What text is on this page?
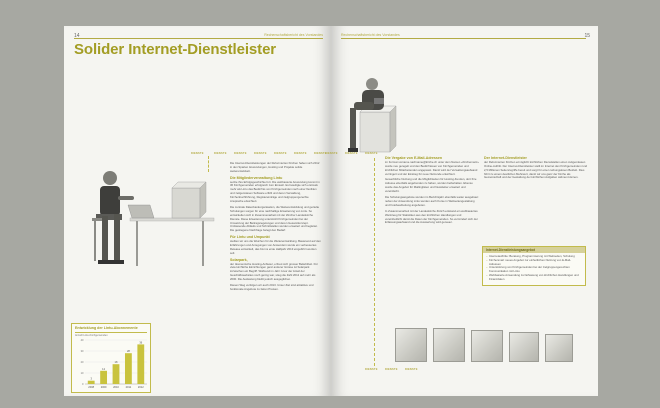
14	Rechenschaftsbericht des Vorstandes
Solider Internet-Dienstleister
DIENSTE	DIENSTE	DIENSTE	DIENSTE	DIENSTE	DIENSTE	DIENSTE

Die Internet-Dienstleistungen der Reformierten Kirchen haben sich 2012 in den Sparten Anwendungen, Hosting und Projekte solide weiterentwickelt.

Die Mitgliederverwaltung Lintu

setzte ihre Erfolgsgeschichte fort. Die webbasierte Anwendung kommt in 36 Kirchgemeinden erfolgreich zum Einsatz. Es beteiligte sich erstmals mehr als Lintu das Bedürfnis von Kirchgemeinden nach einer flexiblen und zeitgemässen Software erfüllt und deren Verwaltung, Kirchenbuchführung, Registereinträge und zielgruppengerechte Ansprache erleichtert.

Die zentrale Datenbankorganisation, die Weiterentwicklung und gezielte Schulungen sorgen für eine nachhaltige Erweiterung von Lintu. So entwickelten sich in Zusammenarbeit mit der Zürcher Landeskirche Dienste. Diese Erweiterung unterstützt Kirchgemeinden bei der Umsetzung der Beitragsregelungen und deren Gesamtkonzept. Umfassende Abläufe und Schnittstellen wurden erweitert und begleitet. Die gestiegene Nachfrage belegt den Bedarf.

Für Lintu und Umpunkt

stellten wir uns die Weichen für die Weiterentwicklung. Basierend auf den Erfahrungen und Anregungen von Anwendern wurde ein verbessertes Release entwickelt, das bis ins erste Halbjahr 2013 eingeführt werden soll.

Solarpark,

der ökumenische Hosting-Anbieter, erfreut sich grosser Beliebtheit. Für viele kirchliche Einrichtungen ganz anderer Grösse ist Solarpark inzwischen ein Begriff. Während im Jahr zuvor der Anteil der Geschäftswebsites noch gering war, stieg die Zahl 2012 auf mehr als 2000. Die Auslastung bleibt jedoch ausgeglichen.

Diesen Weg verfolgen wir auch 2013. Unser Ziel sind attraktive und funktionale Angebote zu fairen Preisen.

Entwicklung der Lintu-Abonnemente
Anzahl Lintu-Kirchgemeinden
0
10
20
30
40
3
2008
12
2009
18
2010
28
2011
36
2012
Rechenschaftsbericht des Vorstandes	15
DIENSTE	DIENSTE	DIENSTE
DIENSTE	DIENSTE	DIENSTE
Die Vergabe von E-Mail-Adressen

im Format vorname.nachname@kirche.ch unter dem Namen «Kirchennetz» wurde neu geregelt und den Bedürfnissen von Kirchgemeinden und kirchlichen Mitarbeitenden angepasst. Damit wird der Verwaltungsaufwand verringert und der Einstieg für neue Nutzende erleichtert.

Gewerbliche Nutzung und die Möglichkeiten für Hosting-Kunden, dort Ihre Adresse ebenfalls angebunden zu haben, wurden beibehalten. Ebenso wurde das Angebot für Mailinglisten und Newsletter erweitert und vereinfacht.

Die Schulungsangebote wurden im Berichtsjahr ebenfalls weiter ausgebaut: neben der Anwendung Lintu wurden auch Kurse in Webseitengestaltung und Fotobearbeitung angeboten.

In Zusammenarbeit mit der Landeskirche Zürich entstand ein webbasiertes Werkzeug für Statistiken aus den kirchlichen Handlungen und vereinheitlicht damit die Daten der Kirchgemeinden. So vermindert sich der Erfassungsaufwand und die Auswertung wird genauer.

Der Internet-Dienstleister

der Reformierten Kirchen ermöglicht kirchlichen Dienststellen einen zeitgemässen Online-Auftritt. Der Internet-Dienstleister stellt im Internet den Kirchgemeinden rund 2,5 Millionen Seitenzugriffe bereit und sorgt für einen reibungslosen Betrieb. Dies führt zu einem deutlichen Mehrwert, damit wir uns ganz der Kirche als Gemeinschaft und der Gestaltung der kirchlichen Aufgaben widmen können.

Internet-Dienstleistungsangebot
– Internetauftritte: Beratung, Programmierung mit Webseiten, Schulung
– Kirchenmail: neues Angebot zur einheitlichen Nutzung von E-Mail-Adressen
– Unterstützung von Kirchgemeinden bei der zielgruppengerechten Kommunikation mit Lintu
– Webbasierte Anwendung zur Erfassung von kirchlichen Handlungen und Finanzdaten
